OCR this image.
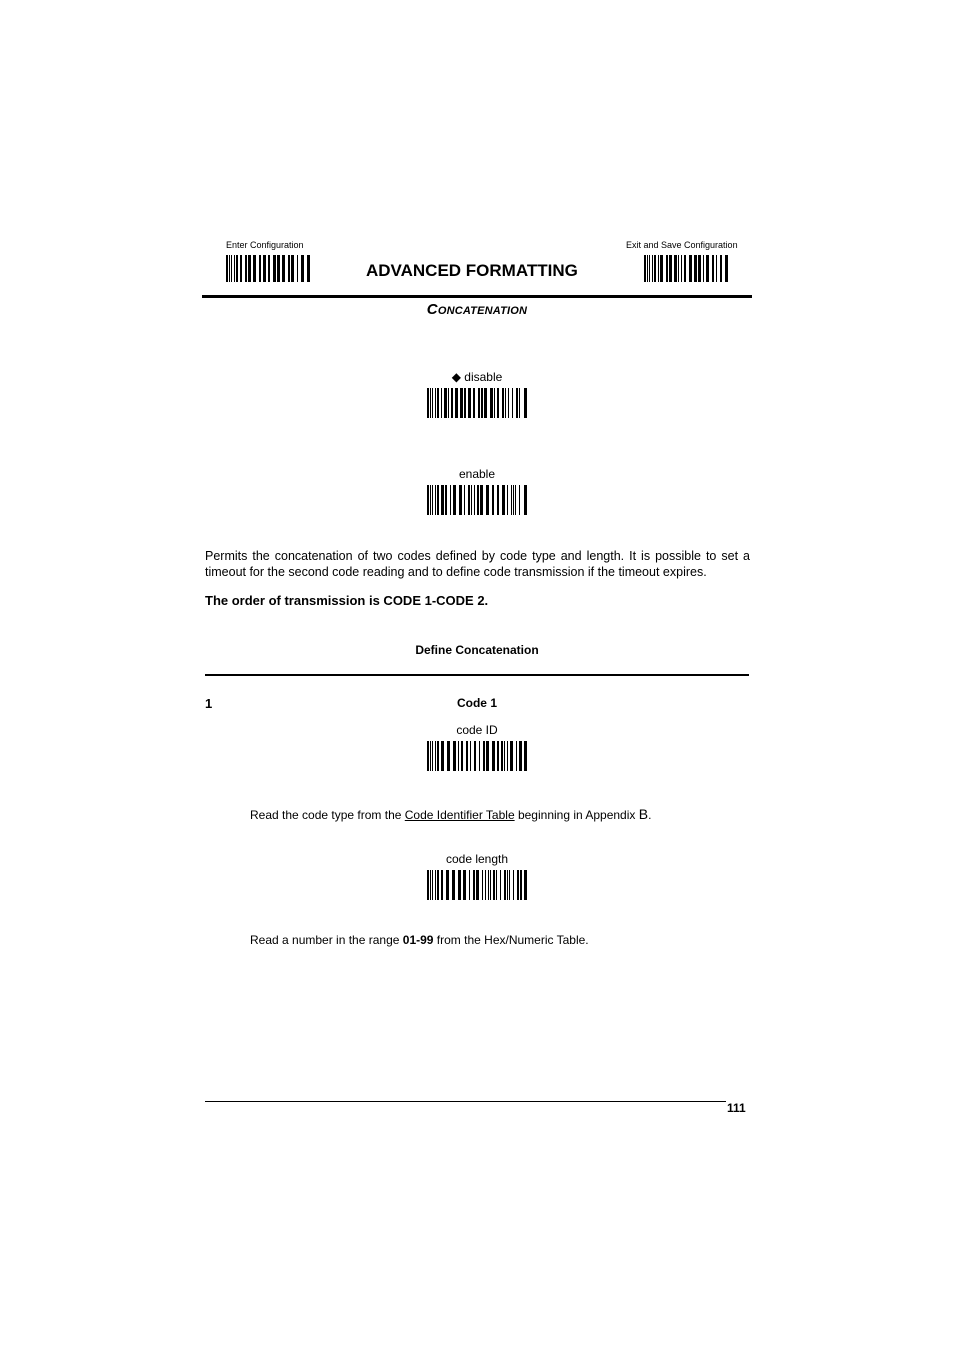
Enter Configuration
ADVANCED FORMATTING
Exit and Save Configuration
Concatenation
◆ disable
enable
Permits the concatenation of two codes defined by code type and length. It is possible to set a timeout for the second code reading and to define code transmission if the timeout expires.
The order of transmission is CODE 1-CODE 2.
Define Concatenation
1	Code 1
code ID
Read the code type from the Code Identifier Table beginning in Appendix B.
code length
Read a number in the range 01-99 from the Hex/Numeric Table.
111
